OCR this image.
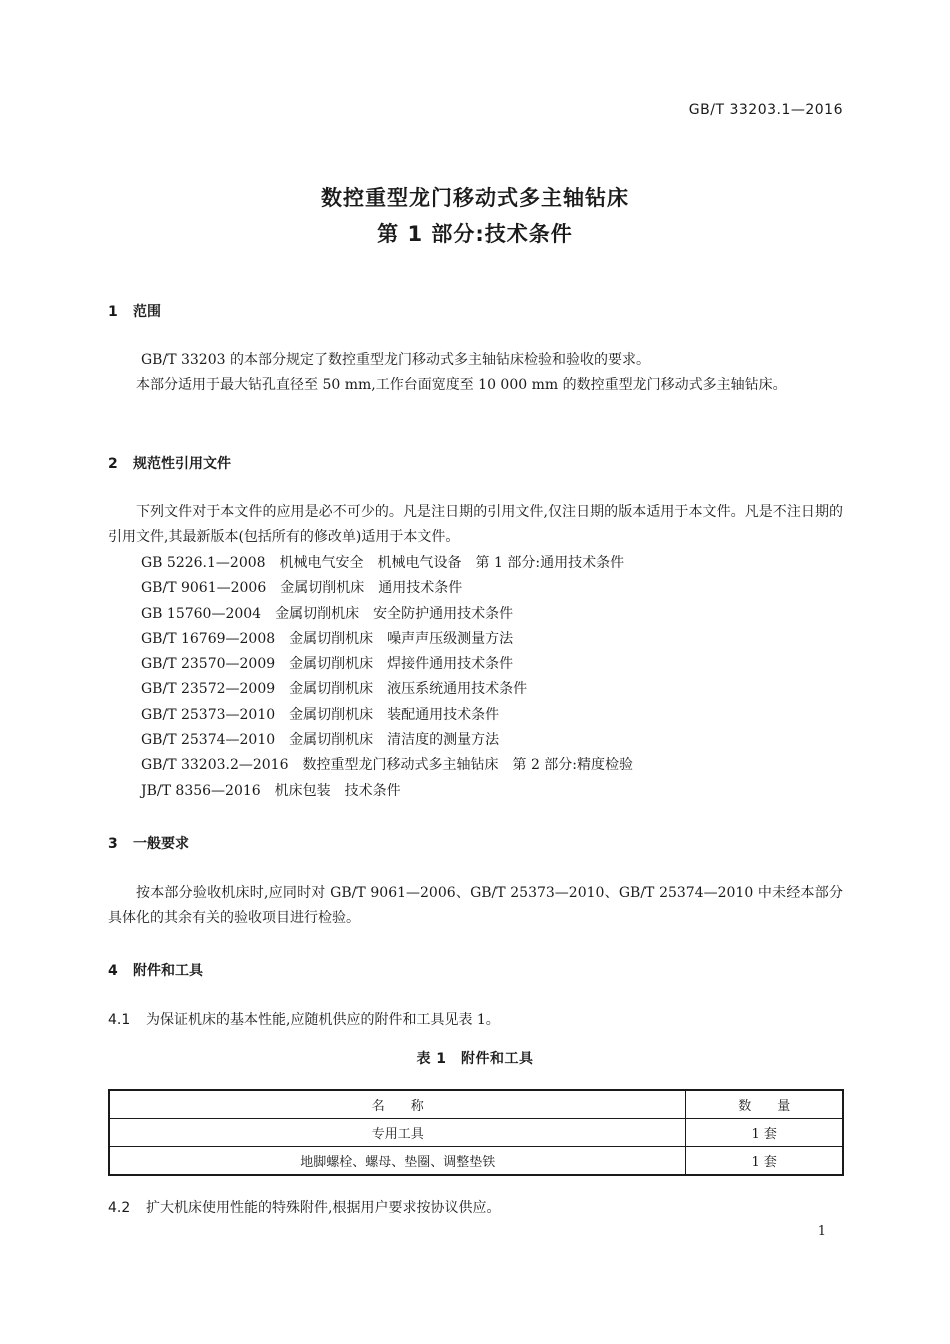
GB/T 33203.1—2016
数控重型龙门移动式多主轴钻床
第 1 部分:技术条件
1 范围

GB/T 33203 的本部分规定了数控重型龙门移动式多主轴钻床检验和验收的要求。

本部分适用于最大钻孔直径至 50 mm,工作台面宽度至 10 000 mm 的数控重型龙门移动式多主轴钻床。

2 规范性引用文件

下列文件对于本文件的应用是必不可少的。凡是注日期的引用文件,仅注日期的版本适用于本文件。凡是不注日期的引用文件,其最新版本(包括所有的修改单)适用于本文件。

GB 5226.1—2008 机械电气安全　机械电气设备　第 1 部分:通用技术条件
GB/T 9061—2006 金属切削机床　通用技术条件
GB 15760—2004 金属切削机床　安全防护通用技术条件
GB/T 16769—2008 金属切削机床　噪声声压级测量方法
GB/T 23570—2009 金属切削机床　焊接件通用技术条件
GB/T 23572—2009 金属切削机床　液压系统通用技术条件
GB/T 25373—2010 金属切削机床　装配通用技术条件
GB/T 25374—2010 金属切削机床　清洁度的测量方法
GB/T 33203.2—2016 数控重型龙门移动式多主轴钻床　第 2 部分:精度检验
JB/T 8356—2016 机床包装　技术条件
3 一般要求

按本部分验收机床时,应同时对 GB/T 9061—2006、GB/T 25373—2010、GB/T 25374—2010 中未经本部分具体化的其余有关的验收项目进行检验。

4 附件和工具

4.1 为保证机床的基本性能,应随机供应的附件和工具见表 1。

表 1　附件和工具
名　　称	数　　量
专用工具	1 套
地脚螺栓、螺母、垫圈、调整垫铁	1 套

4.2 扩大机床使用性能的特殊附件,根据用户要求按协议供应。

1
